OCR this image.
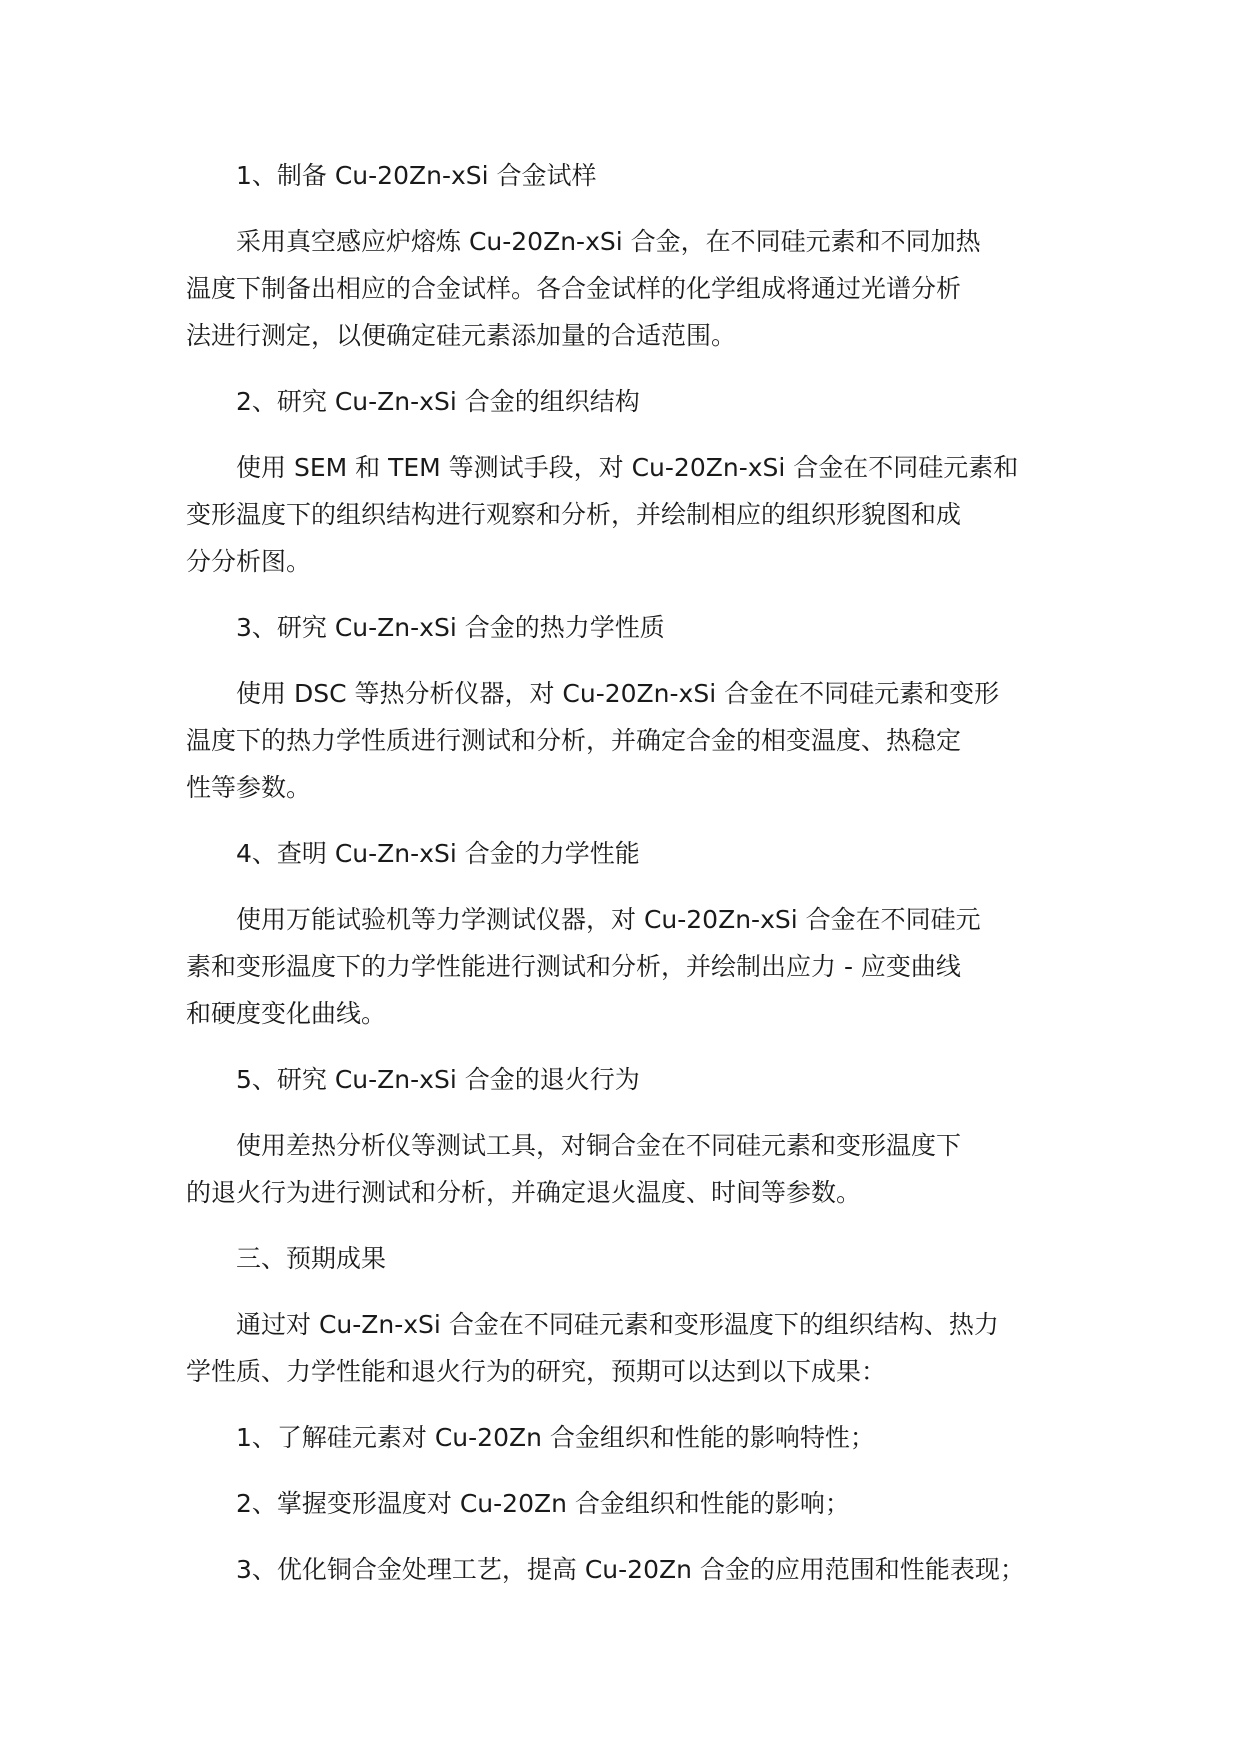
1、制备 Cu-20Zn-xSi 合金试样

采用真空感应炉熔炼 Cu-20Zn-xSi 合金，在不同硅元素和不同加热
温度下制备出相应的合金试样。各合金试样的化学组成将通过光谱分析
法进行测定，以便确定硅元素添加量的合适范围。

2、研究 Cu-Zn-xSi 合金的组织结构

使用 SEM 和 TEM 等测试手段，对 Cu-20Zn-xSi 合金在不同硅元素和
变形温度下的组织结构进行观察和分析，并绘制相应的组织形貌图和成
分分析图。

3、研究 Cu-Zn-xSi 合金的热力学性质

使用 DSC 等热分析仪器，对 Cu-20Zn-xSi 合金在不同硅元素和变形
温度下的热力学性质进行测试和分析，并确定合金的相变温度、热稳定
性等参数。

4、查明 Cu-Zn-xSi 合金的力学性能

使用万能试验机等力学测试仪器，对 Cu-20Zn-xSi 合金在不同硅元
素和变形温度下的力学性能进行测试和分析，并绘制出应力 - 应变曲线
和硬度变化曲线。

5、研究 Cu-Zn-xSi 合金的退火行为

使用差热分析仪等测试工具，对铜合金在不同硅元素和变形温度下
的退火行为进行测试和分析，并确定退火温度、时间等参数。

三、预期成果

通过对 Cu-Zn-xSi 合金在不同硅元素和变形温度下的组织结构、热力
学性质、力学性能和退火行为的研究，预期可以达到以下成果：

1、了解硅元素对 Cu-20Zn 合金组织和性能的影响特性；

2、掌握变形温度对 Cu-20Zn 合金组织和性能的影响；

3、优化铜合金处理工艺，提高 Cu-20Zn 合金的应用范围和性能表现；
